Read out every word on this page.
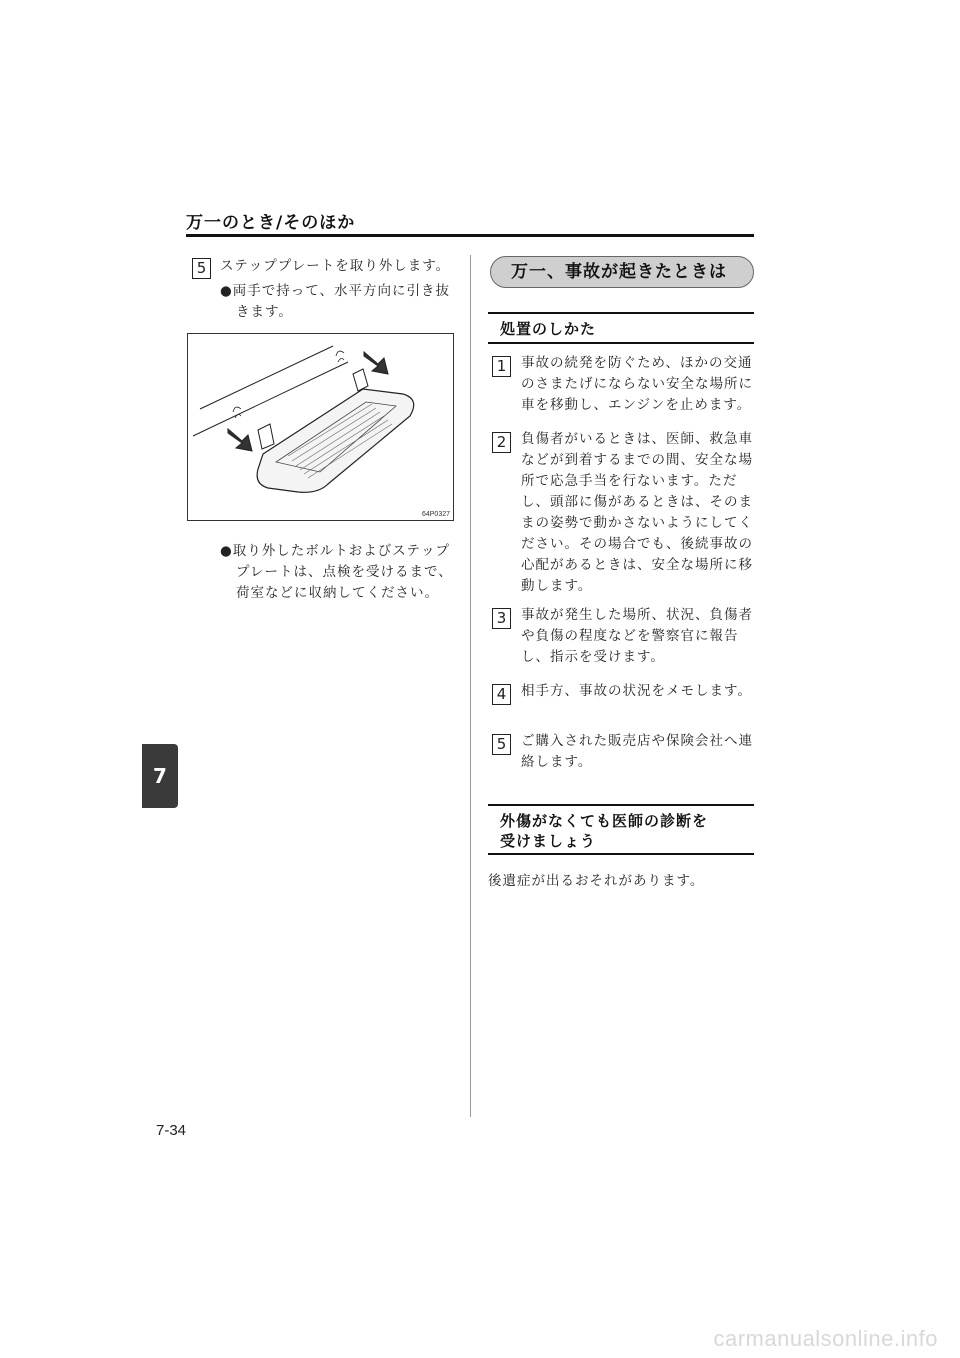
万一のとき/そのほか
7
5	ステッププレートを取り外します。
●両手で持って、水平方向に引き抜
きます。
64P0327
●取り外したボルトおよびステップ
プレートは、点検を受けるまで、
荷室などに収納してください。
万一、事故が起きたときは
処置のしかた
1	事故の続発を防ぐため、ほかの交通
のさまたげにならない安全な場所に
車を移動し、エンジンを止めます。
2	負傷者がいるときは、医師、救急車
などが到着するまでの間、安全な場
所で応急手当を行ないます。ただ
し、頭部に傷があるときは、そのま
まの姿勢で動かさないようにしてく
ださい。その場合でも、後続事故の
心配があるときは、安全な場所に移
動します。
3	事故が発生した場所、状況、負傷者
や負傷の程度などを警察官に報告
し、指示を受けます。
4	相手方、事故の状況をメモします。
5	ご購入された販売店や保険会社へ連
絡します。
外傷がなくても医師の診断を
受けましょう
後遺症が出るおそれがあります。
7-34
carmanualsonline.info
